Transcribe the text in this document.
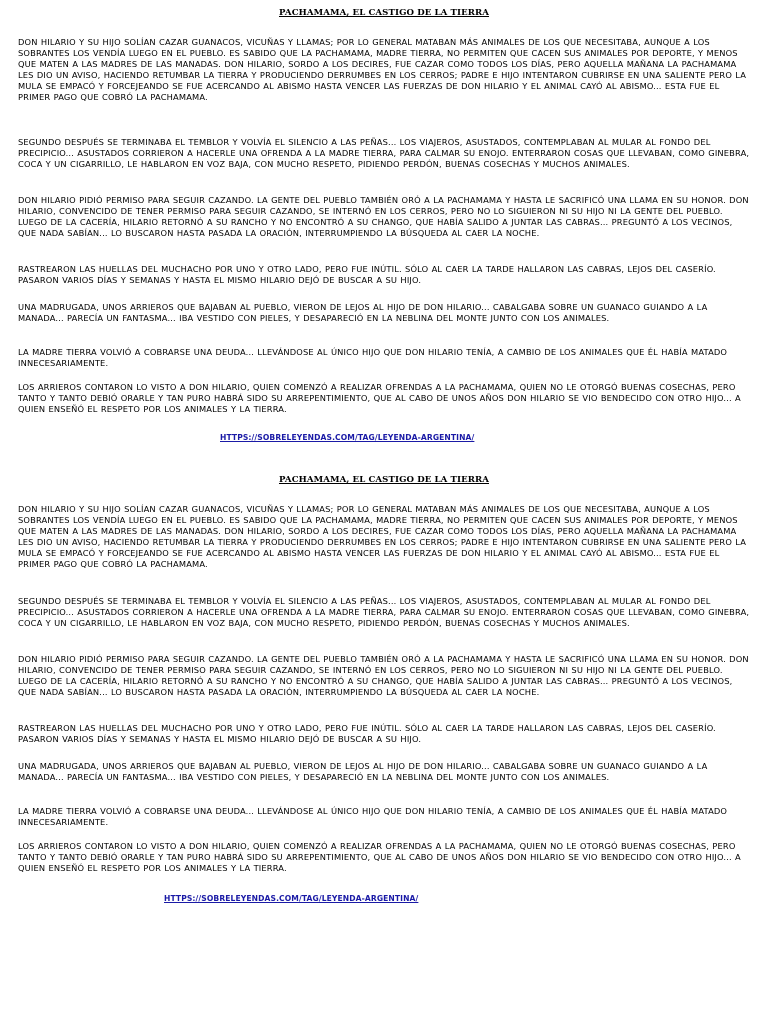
PACHAMAMA, EL CASTIGO DE LA TIERRA

DON HILARIO Y SU HIJO SOLÍAN CAZAR GUANACOS, VICUÑAS Y LLAMAS; POR LO GENERAL MATABAN MÁS ANIMALES DE LOS QUE NECESITABA, AUNQUE A LOS SOBRANTES LOS VENDÍA LUEGO EN EL PUEBLO. ES SABIDO QUE LA PACHAMAMA, MADRE TIERRA, NO PERMITEN QUE CACEN SUS ANIMALES POR DEPORTE, Y MENOS QUE MATEN A LAS MADRES DE LAS MANADAS. DON HILARIO, SORDO A LOS DECIRES, FUE CAZAR COMO TODOS LOS DÍAS, PERO AQUELLA MAÑANA LA PACHAMAMA LES DIO UN AVISO, HACIENDO RETUMBAR LA TIERRA Y PRODUCIENDO DERRUMBES EN LOS CERROS; PADRE E HIJO INTENTARON CUBRIRSE EN UNA SALIENTE PERO LA MULA SE EMPACÓ Y FORCEJEANDO SE FUE ACERCANDO AL ABISMO HASTA VENCER LAS FUERZAS DE DON HILARIO Y EL ANIMAL CAYÓ AL ABISMO... ESTA FUE EL PRIMER PAGO QUE COBRÓ LA PACHAMAMA.

SEGUNDO DESPUÉS SE TERMINABA EL TEMBLOR Y VOLVÍA EL SILENCIO A LAS PEÑAS... LOS VIAJEROS, ASUSTADOS, CONTEMPLABAN AL MULAR AL FONDO DEL PRECIPICIO... ASUSTADOS CORRIERON A HACERLE UNA OFRENDA A LA MADRE TIERRA, PARA CALMAR SU ENOJO. ENTERRARON COSAS QUE LLEVABAN, COMO GINEBRA, COCA Y UN CIGARRILLO, LE HABLARON EN VOZ BAJA, CON MUCHO RESPETO, PIDIENDO PERDÓN, BUENAS COSECHAS Y MUCHOS ANIMALES.

DON HILARIO PIDIÓ PERMISO PARA SEGUIR CAZANDO. LA GENTE DEL PUEBLO TAMBIÉN ORÓ A LA PACHAMAMA Y HASTA LE SACRIFICÓ UNA LLAMA EN SU HONOR. DON HILARIO, CONVENCIDO DE TENER PERMISO PARA SEGUIR CAZANDO, SE INTERNÓ EN LOS CERROS, PERO NO LO SIGUIERON NI SU HIJO NI LA GENTE DEL PUEBLO. LUEGO DE LA CACERÍA, HILARIO RETORNÓ A SU RANCHO Y NO ENCONTRÓ A SU CHANGO, QUE HABÍA SALIDO A JUNTAR LAS CABRAS... PREGUNTÓ A LOS VECINOS, QUE NADA SABÍAN... LO BUSCARON HASTA PASADA LA ORACIÓN, INTERRUMPIENDO LA BÚSQUEDA AL CAER LA NOCHE.

RASTREARON LAS HUELLAS DEL MUCHACHO POR UNO Y OTRO LADO, PERO FUE INÚTIL. SÓLO AL CAER LA TARDE HALLARON LAS CABRAS, LEJOS DEL CASERÍO. PASARON VARIOS DÍAS Y SEMANAS Y HASTA EL MISMO HILARIO DEJÓ DE BUSCAR A SU HIJO.

UNA MADRUGADA, UNOS ARRIEROS QUE BAJABAN AL PUEBLO, VIERON DE LEJOS AL HIJO DE DON HILARIO... CABALGABA SOBRE UN GUANACO GUIANDO A LA MANADA... PARECÍA UN FANTASMA... IBA VESTIDO CON PIELES, Y DESAPARECIÓ EN LA NEBLINA DEL MONTE JUNTO CON LOS ANIMALES.

LA MADRE TIERRA VOLVIÓ A COBRARSE UNA DEUDA... LLEVÁNDOSE AL ÚNICO HIJO QUE DON HILARIO TENÍA, A CAMBIO DE LOS ANIMALES QUE ÉL HABÍA MATADO INNECESARIAMENTE.

LOS ARRIEROS CONTARON LO VISTO A DON HILARIO, QUIEN COMENZÓ A REALIZAR OFRENDAS A LA PACHAMAMA, QUIEN NO LE OTORGÓ BUENAS COSECHAS, PERO TANTO Y TANTO DEBIÓ ORARLE Y TAN PURO HABRÁ SIDO SU ARREPENTIMIENTO, QUE AL CABO DE UNOS AÑOS DON HILARIO SE VIO BENDECIDO CON OTRO HIJO... A QUIEN ENSEÑÓ EL RESPETO POR LOS ANIMALES Y LA TIERRA.

HTTPS://SOBRELEYENDAS.COM/TAG/LEYENDA-ARGENTINA/
PACHAMAMA, EL CASTIGO DE LA TIERRA

DON HILARIO Y SU HIJO SOLÍAN CAZAR GUANACOS, VICUÑAS Y LLAMAS; POR LO GENERAL MATABAN MÁS ANIMALES DE LOS QUE NECESITABA, AUNQUE A LOS SOBRANTES LOS VENDÍA LUEGO EN EL PUEBLO. ES SABIDO QUE LA PACHAMAMA, MADRE TIERRA, NO PERMITEN QUE CACEN SUS ANIMALES POR DEPORTE, Y MENOS QUE MATEN A LAS MADRES DE LAS MANADAS. DON HILARIO, SORDO A LOS DECIRES, FUE CAZAR COMO TODOS LOS DÍAS, PERO AQUELLA MAÑANA LA PACHAMAMA LES DIO UN AVISO, HACIENDO RETUMBAR LA TIERRA Y PRODUCIENDO DERRUMBES EN LOS CERROS; PADRE E HIJO INTENTARON CUBRIRSE EN UNA SALIENTE PERO LA MULA SE EMPACÓ Y FORCEJEANDO SE FUE ACERCANDO AL ABISMO HASTA VENCER LAS FUERZAS DE DON HILARIO Y EL ANIMAL CAYÓ AL ABISMO... ESTA FUE EL PRIMER PAGO QUE COBRÓ LA PACHAMAMA.

SEGUNDO DESPUÉS SE TERMINABA EL TEMBLOR Y VOLVÍA EL SILENCIO A LAS PEÑAS... LOS VIAJEROS, ASUSTADOS, CONTEMPLABAN AL MULAR AL FONDO DEL PRECIPICIO... ASUSTADOS CORRIERON A HACERLE UNA OFRENDA A LA MADRE TIERRA, PARA CALMAR SU ENOJO. ENTERRARON COSAS QUE LLEVABAN, COMO GINEBRA, COCA Y UN CIGARRILLO, LE HABLARON EN VOZ BAJA, CON MUCHO RESPETO, PIDIENDO PERDÓN, BUENAS COSECHAS Y MUCHOS ANIMALES.

DON HILARIO PIDIÓ PERMISO PARA SEGUIR CAZANDO. LA GENTE DEL PUEBLO TAMBIÉN ORÓ A LA PACHAMAMA Y HASTA LE SACRIFICÓ UNA LLAMA EN SU HONOR. DON HILARIO, CONVENCIDO DE TENER PERMISO PARA SEGUIR CAZANDO, SE INTERNÓ EN LOS CERROS, PERO NO LO SIGUIERON NI SU HIJO NI LA GENTE DEL PUEBLO. LUEGO DE LA CACERÍA, HILARIO RETORNÓ A SU RANCHO Y NO ENCONTRÓ A SU CHANGO, QUE HABÍA SALIDO A JUNTAR LAS CABRAS... PREGUNTÓ A LOS VECINOS, QUE NADA SABÍAN... LO BUSCARON HASTA PASADA LA ORACIÓN, INTERRUMPIENDO LA BÚSQUEDA AL CAER LA NOCHE.

RASTREARON LAS HUELLAS DEL MUCHACHO POR UNO Y OTRO LADO, PERO FUE INÚTIL. SÓLO AL CAER LA TARDE HALLARON LAS CABRAS, LEJOS DEL CASERÍO. PASARON VARIOS DÍAS Y SEMANAS Y HASTA EL MISMO HILARIO DEJÓ DE BUSCAR A SU HIJO.

UNA MADRUGADA, UNOS ARRIEROS QUE BAJABAN AL PUEBLO, VIERON DE LEJOS AL HIJO DE DON HILARIO... CABALGABA SOBRE UN GUANACO GUIANDO A LA MANADA... PARECÍA UN FANTASMA... IBA VESTIDO CON PIELES, Y DESAPARECIÓ EN LA NEBLINA DEL MONTE JUNTO CON LOS ANIMALES.

LA MADRE TIERRA VOLVIÓ A COBRARSE UNA DEUDA... LLEVÁNDOSE AL ÚNICO HIJO QUE DON HILARIO TENÍA, A CAMBIO DE LOS ANIMALES QUE ÉL HABÍA MATADO INNECESARIAMENTE.

LOS ARRIEROS CONTARON LO VISTO A DON HILARIO, QUIEN COMENZÓ A REALIZAR OFRENDAS A LA PACHAMAMA, QUIEN NO LE OTORGÓ BUENAS COSECHAS, PERO TANTO Y TANTO DEBIÓ ORARLE Y TAN PURO HABRÁ SIDO SU ARREPENTIMIENTO, QUE AL CABO DE UNOS AÑOS DON HILARIO SE VIO BENDECIDO CON OTRO HIJO... A QUIEN ENSEÑÓ EL RESPETO POR LOS ANIMALES Y LA TIERRA.

HTTPS://SOBRELEYENDAS.COM/TAG/LEYENDA-ARGENTINA/
